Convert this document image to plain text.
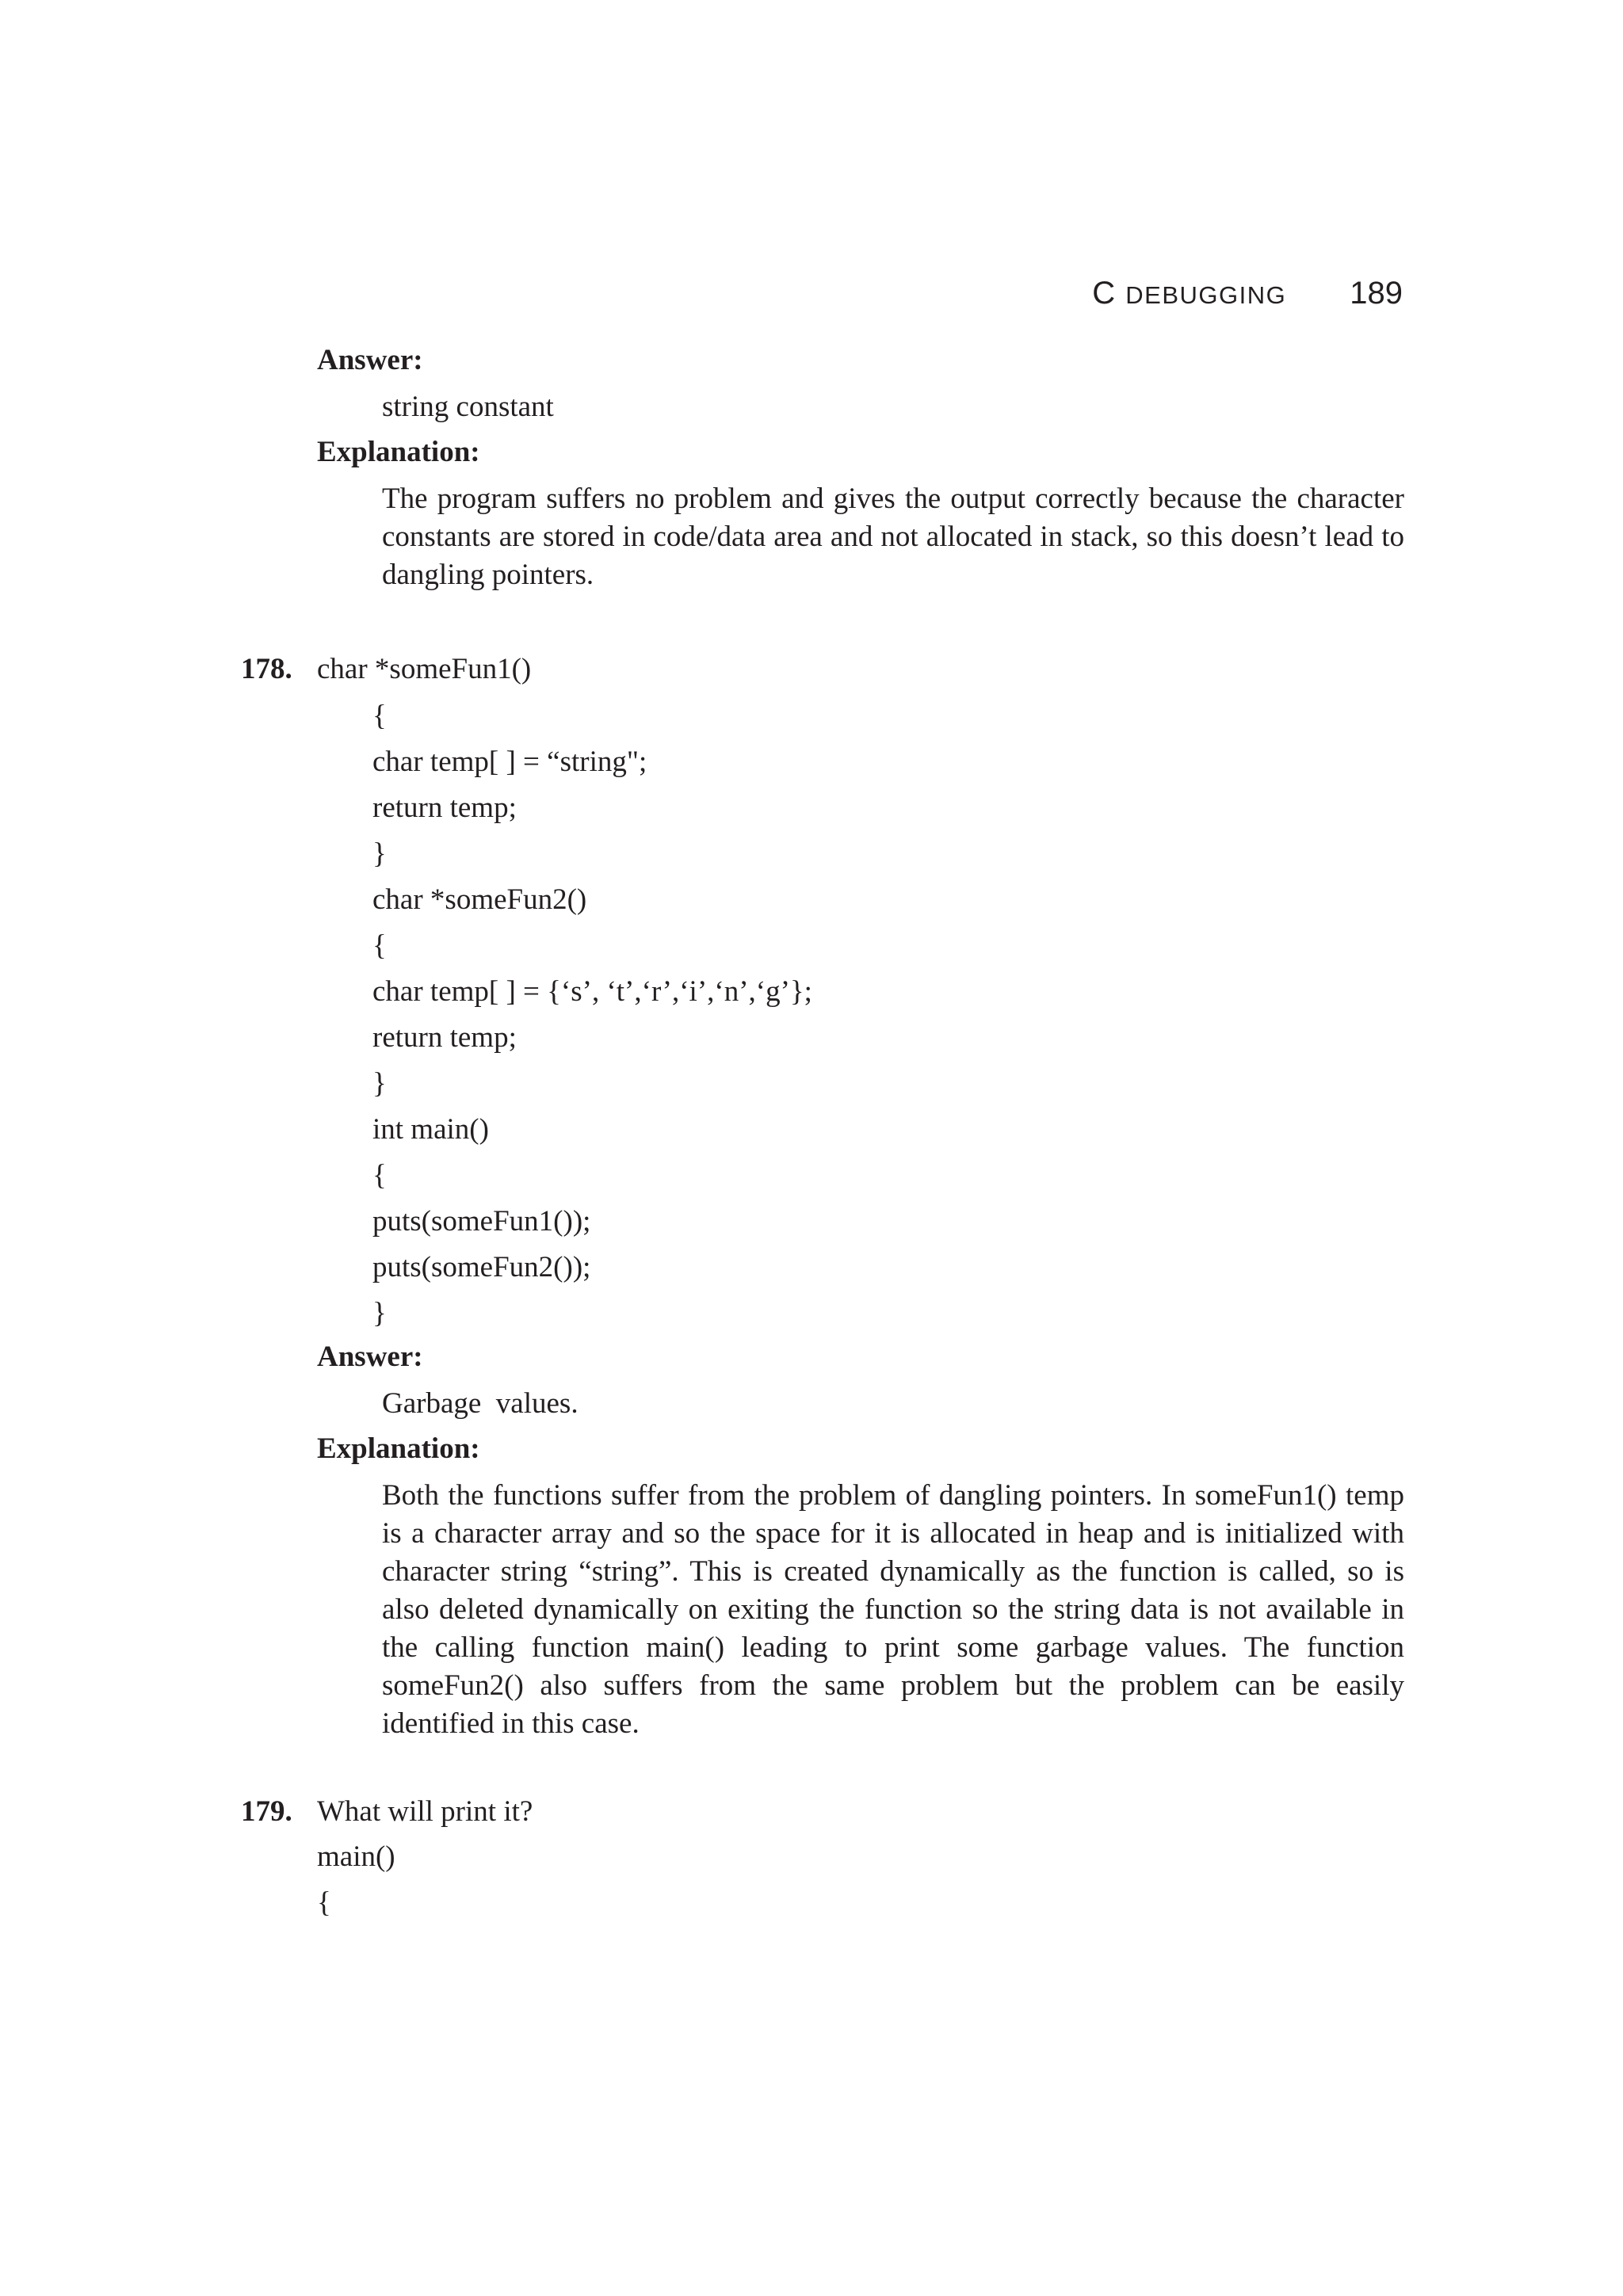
C DEBUGGING 189
Answer:
string constant
Explanation:
The program suffers no problem and gives the output correctly because the character constants are stored in code/data area and not allocated in stack, so this doesn’t lead to dangling pointers.
178. char *someFun1()
{
char temp[ ] = “string";
return temp;
}
char *someFun2()
{
char temp[ ] = {‘s’, ‘t’,‘r’,‘i’,‘n’,‘g’};
return temp;
}
int main()
{
puts(someFun1());
puts(someFun2());
}
Answer:
Garbage  values.
Explanation:
Both the functions suffer from the problem of dangling pointers. In someFun1() temp is a character array and so the space for it is allocated in heap and is initialized with character string “string”. This is created dynamically as the function is called, so is also deleted dynamically on exiting the function so the string data is not available in the calling function main() leading to print some garbage values. The function someFun2() also suffers from the same problem but the problem can be easily identified in this case.
179. What will print it?
main()
{
